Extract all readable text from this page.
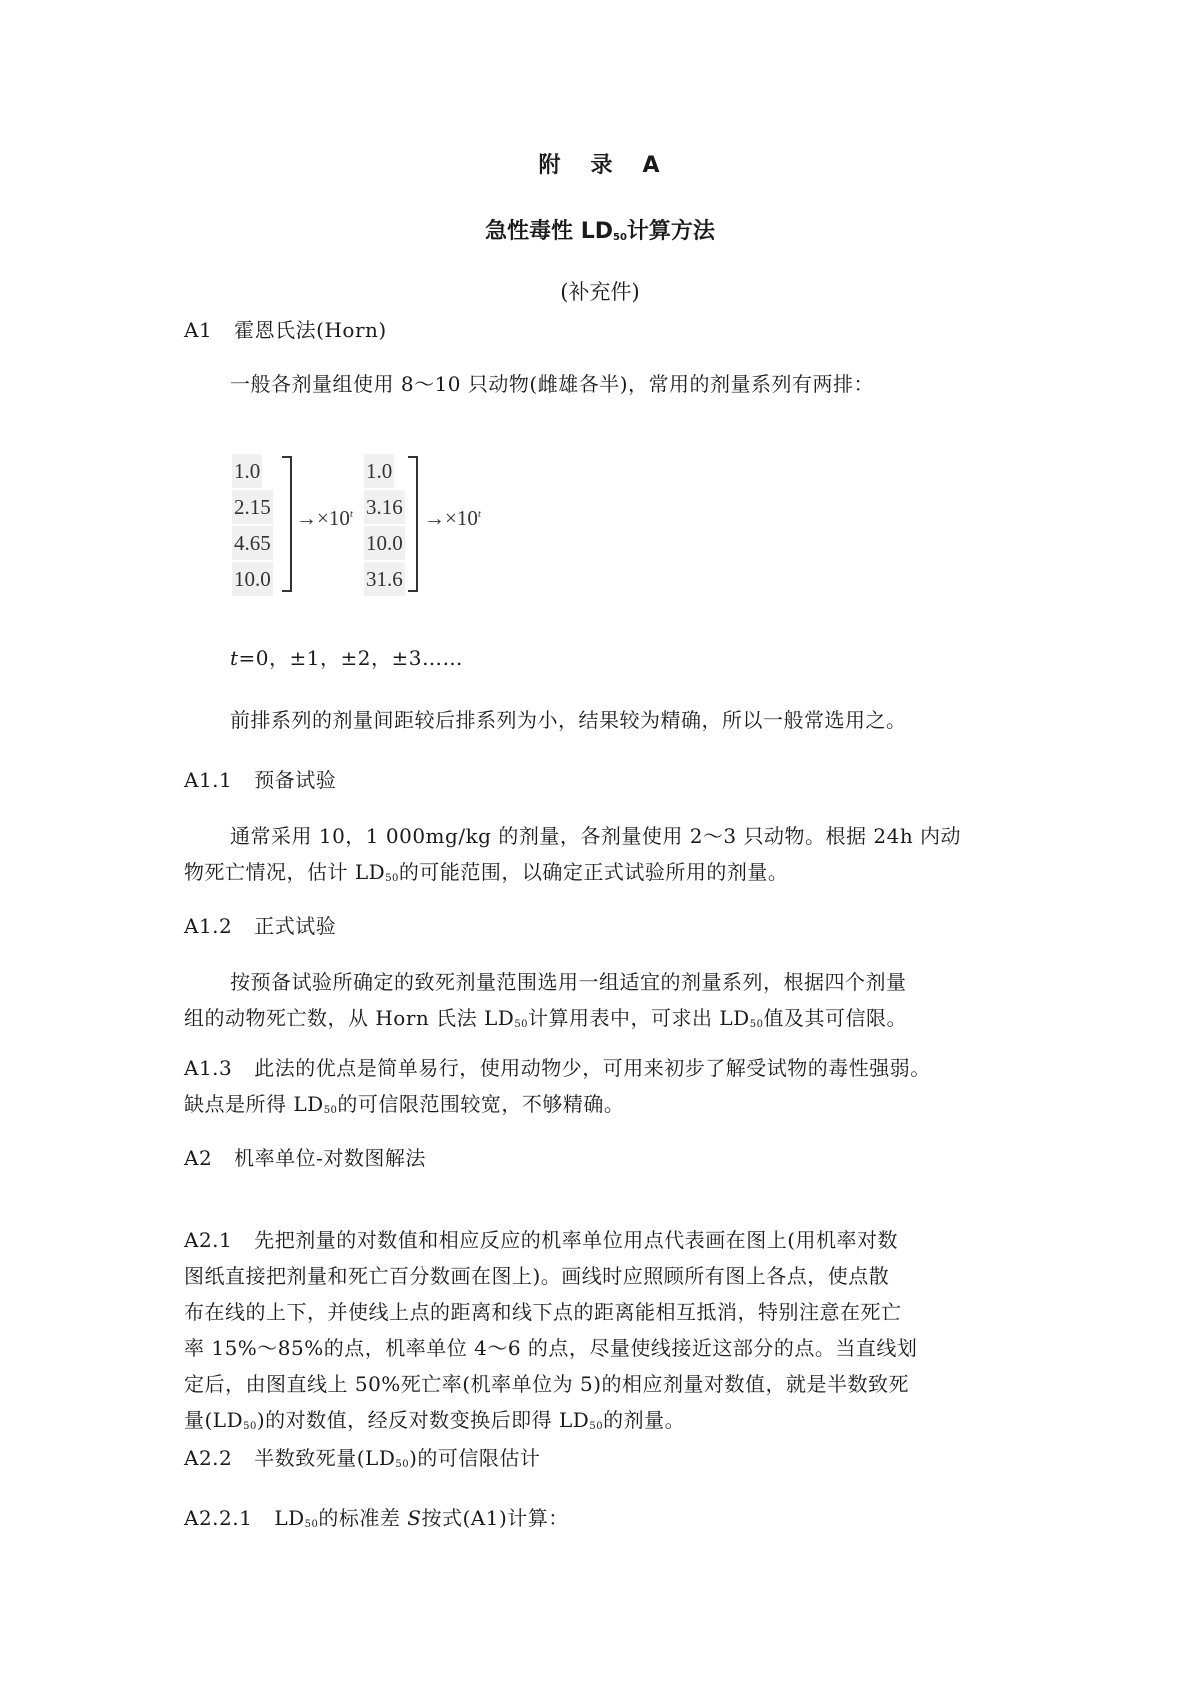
附 录 A
急性毒性 $LD_{50}$计算方法
(补充件)
A1 霍恩氏法(Horn)
一般各剂量组使用 8～10 只动物(雌雄各半)，常用的剂量系列有两排：
1.0
2.15
4.65
10.0
$\to\times 10^t$
1.0
3.16
10.0
31.6
$\to\times 10^t$
t=0，±1，±2，±3……
前排系列的剂量间距较后排系列为小，结果较为精确，所以一般常选用之。
A1.1 预备试验
通常采用 10，1 000mg/kg 的剂量，各剂量使用 2～3 只动物。根据 24h 内动
物死亡情况，估计 $LD_{50}$的可能范围，以确定正式试验所用的剂量。
A1.2 正式试验
按预备试验所确定的致死剂量范围选用一组适宜的剂量系列，根据四个剂量
组的动物死亡数，从 Horn 氏法 $LD_{50}$计算用表中，可求出 $LD_{50}$值及其可信限。
A1.3 此法的优点是简单易行，使用动物少，可用来初步了解受试物的毒性强弱。
缺点是所得 $LD_{50}$的可信限范围较宽，不够精确。
A2 机率单位-对数图解法
A2.1 先把剂量的对数值和相应反应的机率单位用点代表画在图上(用机率对数
图纸直接把剂量和死亡百分数画在图上)。画线时应照顾所有图上各点，使点散
布在线的上下，并使线上点的距离和线下点的距离能相互抵消，特别注意在死亡
率 15%～85%的点，机率单位 4～6 的点，尽量使线接近这部分的点。当直线划
定后，由图直线上 50%死亡率(机率单位为 5)的相应剂量对数值，就是半数致死
量$(LD_{50})$的对数值，经反对数变换后即得 $LD_{50}$的剂量。
A2.2 半数致死量$(LD_{50})$的可信限估计
A2.2.1 $LD_{50}$的标准差 S按式(A1)计算：
